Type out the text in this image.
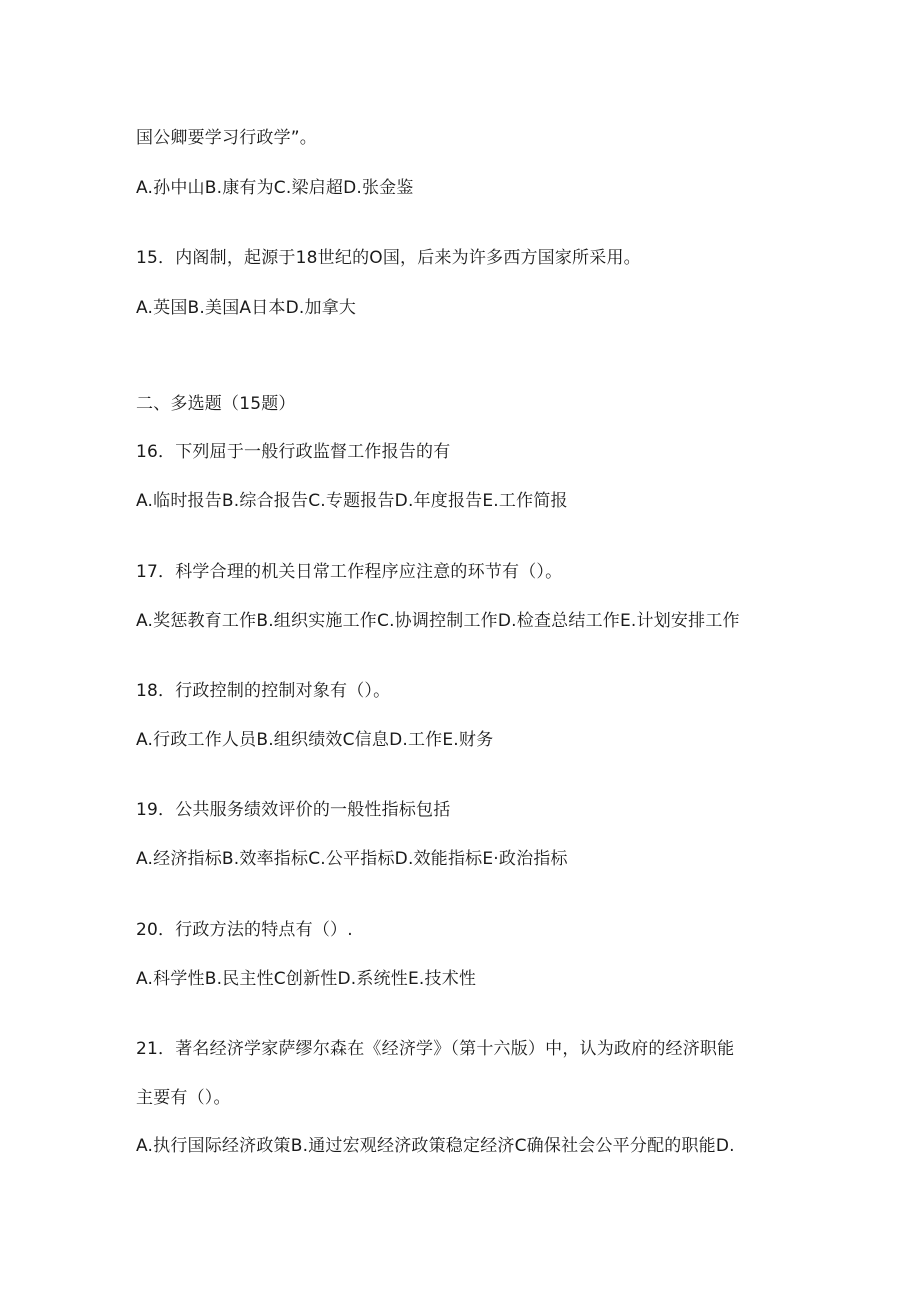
国公卿要学习行政学”。
A.孙中山B.康有为C.梁启超D.张金鉴
15．内阁制，起源于18世纪的O国，后来为许多西方国家所采用。
A.英国B.美国A日本D.加拿大
二、多选题（15题）
16．下列屈于一般行政监督工作报告的有
A.临时报告B.综合报告C.专题报告D.年度报告E.工作简报
17．科学合理的机关日常工作程序应注意的环节有（）。
A.奖惩教育工作B.组织实施工作C.协调控制工作D.检查总结工作E.计划安排工作
18．行政控制的控制对象有（）。
A.行政工作人员B.组织绩效C信息D.工作E.财务
19．公共服务绩效评价的一般性指标包括
A.经济指标B.效率指标C.公平指标D.效能指标E·政治指标
20．行政方法的特点有（）.
A.科学性B.民主性C创新性D.系统性E.技术性
21．著名经济学家萨缪尔森在《经济学》（第十六版）中，认为政府的经济职能
主要有（）。
A.执行国际经济政策B.通过宏观经济政策稳定经济C确保社会公平分配的职能D.
